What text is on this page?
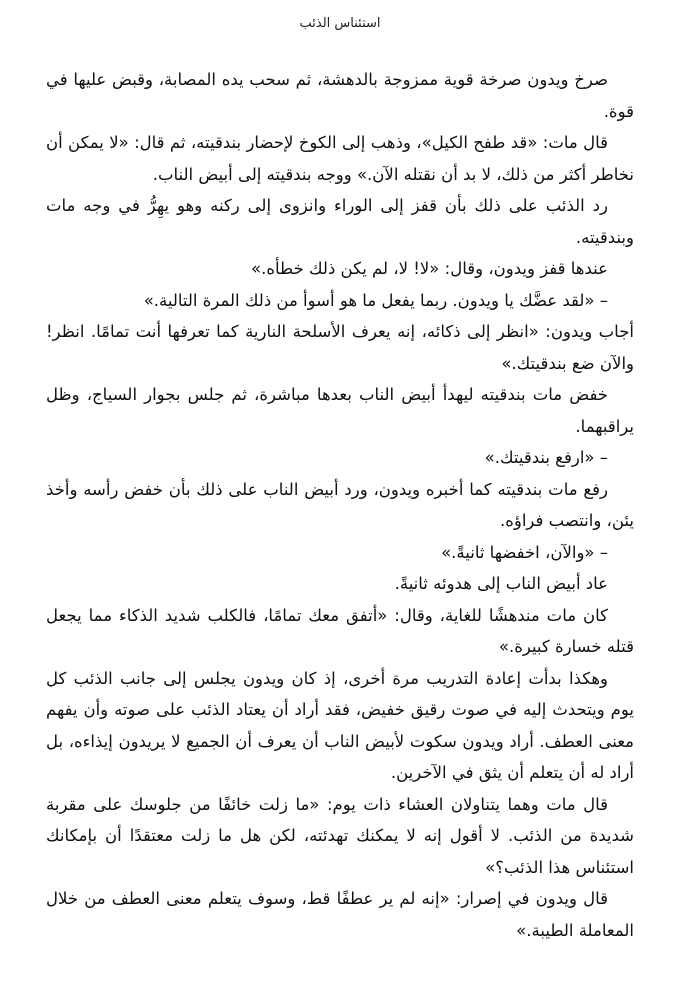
استئناس الذئب

صرخ ويدون صرخة قوية ممزوجة بالدهشة، ثم سحب يده المصابة، وقبض عليها في قوة.

قال مات: «قد طفح الكيل»، وذهب إلى الكوخ لإحضار بندقيته، ثم قال: «لا يمكن أن نخاطر أكثر من ذلك، لا بد أن نقتله الآن.» ووجه بندقيته إلى أبيض الناب.

رد الذئب على ذلك بأن قفز إلى الوراء وانزوى إلى ركنه وهو يهِرُّ في وجه مات وبندقيته.

عندها قفز ويدون، وقال: «لا! لا، لم يكن ذلك خطأه.»

– «لقد عضَّك يا ويدون. ربما يفعل ما هو أسوأ من ذلك المرة التالية.»

أجاب ويدون: «انظر إلى ذكائه، إنه يعرف الأسلحة النارية كما تعرفها أنت تمامًا. انظر! والآن ضع بندقيتك.»

خفض مات بندقيته ليهدأ أبيض الناب بعدها مباشرة، ثم جلس بجوار السياج، وظل يراقبهما.

– «ارفع بندقيتك.»

رفع مات بندقيته كما أخبره ويدون، ورد أبيض الناب على ذلك بأن خفض رأسه وأخذ يئن، وانتصب فراؤه.

– «والآن، اخفضها ثانيةً.»

عاد أبيض الناب إلى هدوئه ثانيةً.

كان مات مندهشًا للغاية، وقال: «أتفق معك تمامًا، فالكلب شديد الذكاء مما يجعل قتله خسارة كبيرة.»

وهكذا بدأت إعادة التدريب مرة أخرى، إذ كان ويدون يجلس إلى جانب الذئب كل يوم ويتحدث إليه في صوت رقيق خفيض، فقد أراد أن يعتاد الذئب على صوته وأن يفهم معنى العطف. أراد ويدون سكوت لأبيض الناب أن يعرف أن الجميع لا يريدون إيذاءه، بل أراد له أن يتعلم أن يثق في الآخرين.

قال مات وهما يتناولان العشاء ذات يوم: «ما زلت خائفًا من جلوسك على مقربة شديدة من الذئب. لا أقول إنه لا يمكنك تهدئته، لكن هل ما زلت معتقدًا أن بإمكانك استئناس هذا الذئب؟»

قال ويدون في إصرار: «إنه لم ير عطفًا قط، وسوف يتعلم معنى العطف من خلال المعاملة الطيبة.»
